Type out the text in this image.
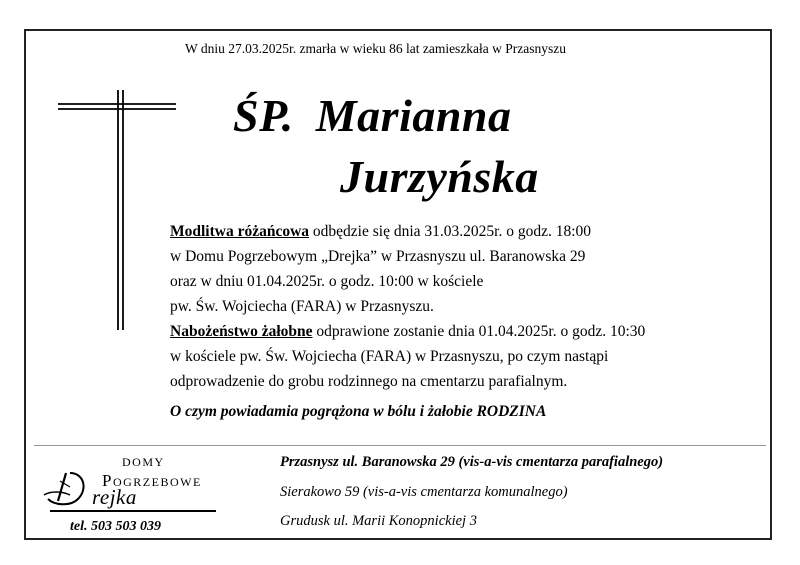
W dniu 27.03.2025r. zmarła w wieku 86 lat zamieszkała w Przasnyszu
ŚP. Marianna
Jurzyńska
Modlitwa różańcowa odbędzie się dnia 31.03.2025r. o godz. 18:00
w Domu Pogrzebowym „Drejka” w Przasnyszu ul. Baranowska 29
oraz w dniu 01.04.2025r. o godz. 10:00 w kościele
pw. Św. Wojciecha (FARA) w Przasnyszu.
Nabożeństwo żałobne odprawione zostanie dnia 01.04.2025r. o godz. 10:30
w kościele pw. Św. Wojciecha (FARA) w Przasnyszu, po czym nastąpi
odprowadzenie do grobu rodzinnego na cmentarzu parafialnym.
O czym powiadamia pogrążona w bólu i żałobie RODZINA
DOMY
POGRZEBOWE
rejka
tel. 503 503 039
Przasnysz ul. Baranowska 29 (vis-a-vis cmentarza parafialnego)
Sierakowo 59 (vis-a-vis cmentarza komunalnego)
Grudusk ul. Marii Konopnickiej 3
